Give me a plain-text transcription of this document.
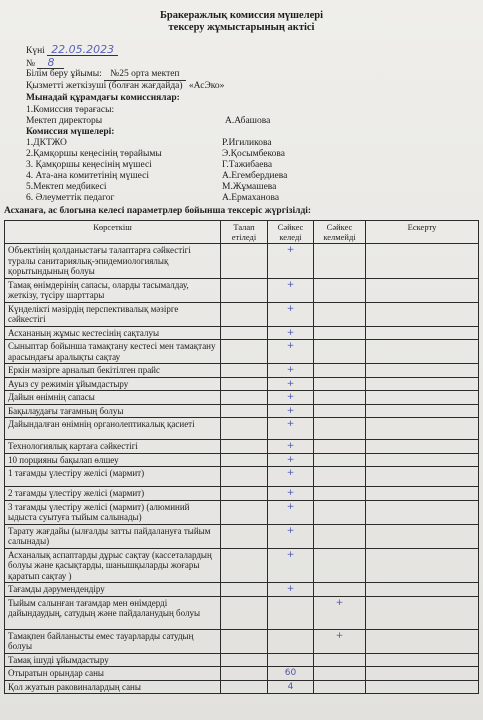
Бракеражлық комиссия мүшелері
тексеру жұмыстарының актісі
Күні 22.05.2023
№ 8
Білім беру ұйымы: №25 орта мектеп
Қызметті жеткізуші (болған жағдайда) «АсЭко»
Мынадай құрамдағы комиссиялар:
1.Комиссия төрағасы:
Мектеп директоры	А.Абашова
Комиссия мүшелері:
1.ДКТЖО	Р.Игиликова
2.Қамқоршы кеңесінің төрайымы	Э.Қосымбекова
3. Қамқоршы кеңесінің мүшесі	Г.Тажибаева
4. Ата-ана комитетінің мүшесі	А.Егембердиева
5.Мектеп медбикесі	М.Жұмашева
6. Әлеуметтік педагог	А.Ермаханова
Асханаға, ас блогына келесі параметрлер бойынша тексеріс жүргізілді:
Көрсеткіш	Талап етіледі	Сәйкес келеді	Сәйкес келмейді	Ескерту
Объектінің қолданыстағы талаптарға сәйкестігі туралы санитариялық-эпидемиологиялық қорытындының болуы		+		
Тамақ өнімдерінің сапасы, оларды тасымалдау, жеткізу, түсіру шарттары		+		
Күнделікті мәзірдің перспективалық мәзірге сәйкестігі		+		
Асхананың жұмыс кестесінің сақталуы		+		
Сыныптар бойынша тамақтану кестесі мен тамақтану арасындағы аралықты сақтау		+		
Еркін мәзірге арналып бекітілген прайс		+		
Ауыз су режимін ұйымдастыру		+		
Дайын өнімнің сапасы		+		
Бақылаудағы тағамның болуы		+		
Дайындалған өнімнің органолептикалық қасиеті		+		
Технологиялық картаға сәйкестігі		+		
10 порцияны бақылап өлшеу		+		
1 тағамды үлестіру желісі (мармит)		+		
2 тағамды үлестіру желісі (мармит)		+		
3 тағамды үлестіру желісі (мармит) (алюминий ыдыста суытуға тыйым салынады)		+		
Тарату жағдайы (ылғалды затты пайдалануға тыйым салынады)		+		
Асханалық аспаптарды дұрыс сақтау (кассеталардың болуы және қасықтарды, шанышқыларды жоғары қаратып сақтау )		+		
Тағамды дәрумендендіру		+		
Тыйым салынған тағамдар мен өнімдерді дайындаудың, сатудың және пайдаланудың болуы			+	
Тамақпен байланысты емес тауарларды сатудың болуы			+	
Тамақ ішуді ұйымдастыру				
Отыратын орындар саны		60		
Қол жуатын раковиналардың саны		4		
